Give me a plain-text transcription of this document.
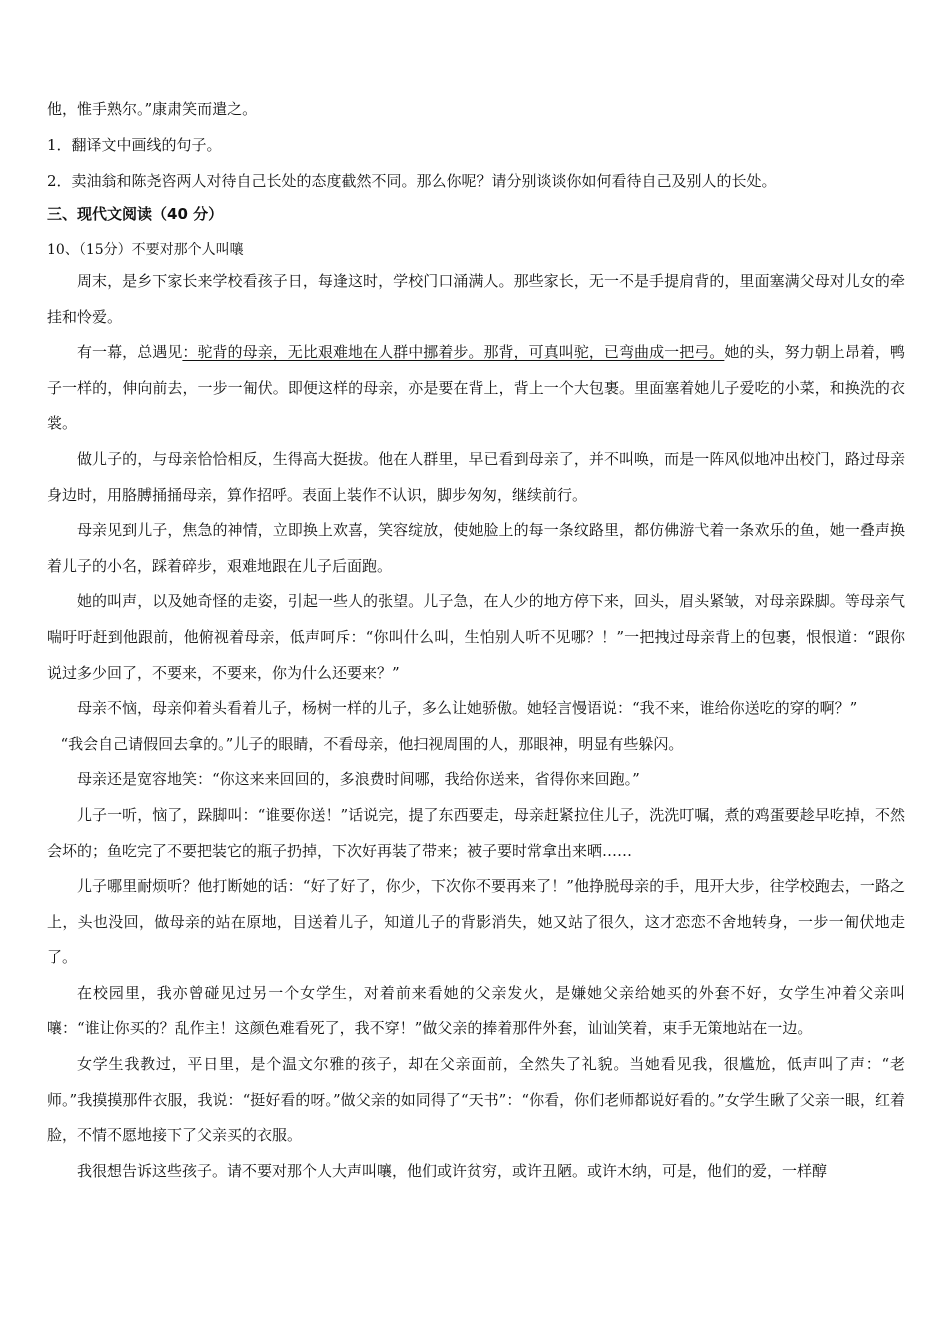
他，惟手熟尔。”康肃笑而遣之。

1．翻译文中画线的句子。

2．卖油翁和陈尧咨两人对待自己长处的态度截然不同。那么你呢？请分别谈谈你如何看待自己及别人的长处。

三、现代文阅读（40 分）

10、（15分）不要对那个人叫嚷

周末，是乡下家长来学校看孩子日，每逢这时，学校门口涌满人。那些家长，无一不是手提肩背的，里面塞满父母对儿女的牵挂和怜爱。

有一幕，总遇见：驼背的母亲，无比艰难地在人群中挪着步。那背，可真叫驼，已弯曲成一把弓。她的头，努力朝上昂着，鸭子一样的，伸向前去，一步一匍伏。即便这样的母亲，亦是要在背上，背上一个大包裹。里面塞着她儿子爱吃的小菜，和换洗的衣裳。

做儿子的，与母亲恰恰相反，生得高大挺拔。他在人群里，早已看到母亲了，并不叫唤，而是一阵风似地冲出校门，路过母亲身边时，用胳膊捅捅母亲，算作招呼。表面上装作不认识，脚步匆匆，继续前行。

母亲见到儿子，焦急的神情，立即换上欢喜，笑容绽放，使她脸上的每一条纹路里，都仿佛游弋着一条欢乐的鱼，她一叠声换着儿子的小名，踩着碎步，艰难地跟在儿子后面跑。

她的叫声，以及她奇怪的走姿，引起一些人的张望。儿子急，在人少的地方停下来，回头，眉头紧皱，对母亲跺脚。等母亲气喘吁吁赶到他跟前，他俯视着母亲，低声呵斥：“你叫什么叫，生怕别人听不见哪？！”一把拽过母亲背上的包裹，恨恨道：“跟你说过多少回了，不要来，不要来，你为什么还要来？”

母亲不恼，母亲仰着头看着儿子，杨树一样的儿子，多么让她骄傲。她轻言慢语说：“我不来，谁给你送吃的穿的啊？”

“我会自己请假回去拿的。”儿子的眼睛，不看母亲，他扫视周围的人，那眼神，明显有些躲闪。

母亲还是宽容地笑：“你这来来回回的，多浪费时间哪，我给你送来，省得你来回跑。”

儿子一听，恼了，跺脚叫：“谁要你送！”话说完，提了东西要走，母亲赶紧拉住儿子，洗洗叮嘱，煮的鸡蛋要趁早吃掉，不然会坏的；鱼吃完了不要把装它的瓶子扔掉，下次好再装了带来；被子要时常拿出来晒……

儿子哪里耐烦听？他打断她的话：“好了好了，你少，下次你不要再来了！”他挣脱母亲的手，甩开大步，往学校跑去，一路之上，头也没回，做母亲的站在原地，目送着儿子，知道儿子的背影消失，她又站了很久，这才恋恋不舍地转身，一步一匍伏地走了。

在校园里，我亦曾碰见过另一个女学生，对着前来看她的父亲发火，是嫌她父亲给她买的外套不好，女学生冲着父亲叫嚷：“谁让你买的？乱作主！这颜色难看死了，我不穿！”做父亲的捧着那件外套，讪讪笑着，束手无策地站在一边。

女学生我教过，平日里，是个温文尔雅的孩子，却在父亲面前，全然失了礼貌。当她看见我，很尴尬，低声叫了声：“老师。”我摸摸那件衣服，我说：“挺好看的呀。”做父亲的如同得了“天书”：“你看，你们老师都说好看的。”女学生瞅了父亲一眼，红着脸，不情不愿地接下了父亲买的衣服。

我很想告诉这些孩子。请不要对那个人大声叫嚷，他们或许贫穷，或许丑陋。或许木纳，可是，他们的爱，一样醇
